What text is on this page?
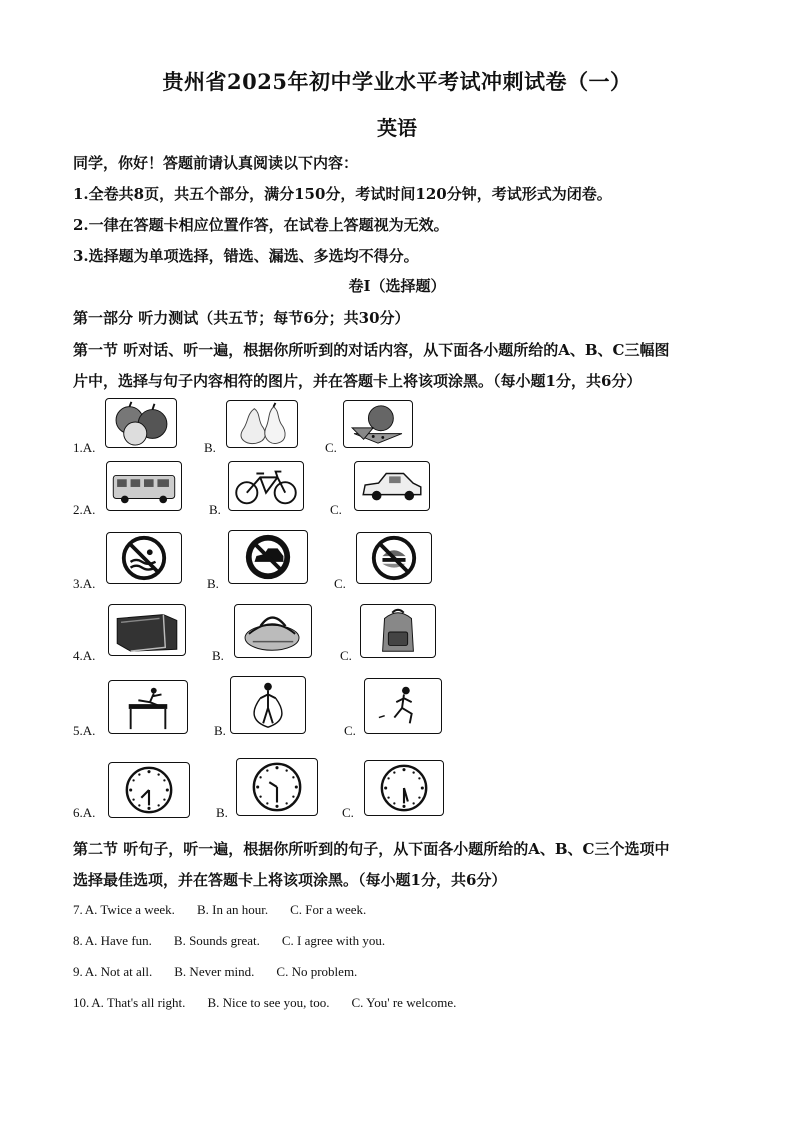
贵州省2025年初中学业水平考试冲刺试卷（一）
英语
同学，你好！答题前请认真阅读以下内容：
1.全卷共8页，共五个部分，满分150分，考试时间120分钟，考试形式为闭卷。
2.一律在答题卡相应位置作答，在试卷上答题视为无效。
3.选择题为单项选择，错选、漏选、多选均不得分。
卷Ⅰ（选择题）
第一部分 听力测试（共五节；每节6分；共30分）
第一节 听对话、听一遍，根据你所听到的对话内容，从下面各小题所给的A、B、C三幅图
片中，选择与句子内容相符的图片，并在答题卡上将该项涂黑。（每小题1分，共6分）
1.A.	B.	C.
2.A.	B.	C.
3.A.	B.	C.
4.A.	B.	C.
5.A.	B.	C.
6.A.	B.	C.
第二节 听句子，听一遍，根据你所听到的句子，从下面各小题所给的A、B、C三个选项中
选择最佳选项，并在答题卡上将该项涂黑。（每小题1分，共6分）
7. A. Twice a week. B. In an hour. C. For a week.
8. A. Have fun. B. Sounds great. C. I agree with you.
9. A. Not at all. B. Never mind. C. No problem.
10. A. That's all right. B. Nice to see you, too. C. You' re welcome.
